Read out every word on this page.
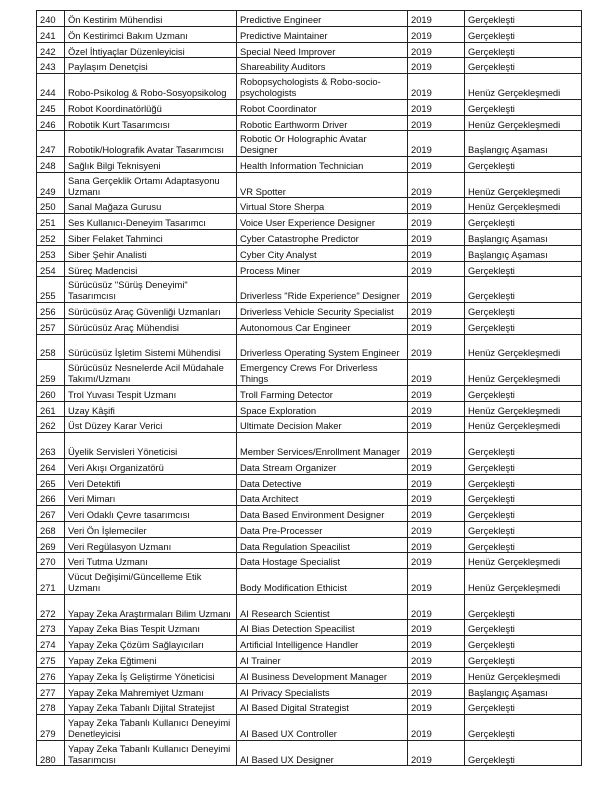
240	Ön Kestirim Mühendisi	Predictive Engineer	2019	Gerçekleşti
241	Ön Kestirimci Bakım Uzmanı	Predictive Maintainer	2019	Gerçekleşti
242	Özel İhtiyaçlar Düzenleyicisi	Special Need Improver	2019	Gerçekleşti
243	Paylaşım Denetçisi	Shareability Auditors	2019	Gerçekleşti
244	Robo-Psikolog & Robo-Sosyopsikolog	Robopsychologists & Robo-socio-psychologists	2019	Henüz Gerçekleşmedi
245	Robot Koordinatörlüğü	Robot Coordinator	2019	Gerçekleşti
246	Robotik Kurt Tasarımcısı	Robotic Earthworm Driver	2019	Henüz Gerçekleşmedi
247	Robotik/Holografik Avatar Tasarımcısı	Robotic Or Holographic Avatar Designer	2019	Başlangıç Aşaması
248	Sağlık Bilgi Teknisyeni	Health Information Technician	2019	Gerçekleşti
249	Sana Gerçeklik Ortamı Adaptasyonu Uzmanı	VR Spotter	2019	Henüz Gerçekleşmedi
250	Sanal Mağaza Gurusu	Virtual Store Sherpa	2019	Henüz Gerçekleşmedi
251	Ses Kullanıcı-Deneyim Tasarımcı	Voice User Experience Designer	2019	Gerçekleşti
252	Siber Felaket Tahminci	Cyber Catastrophe Predictor	2019	Başlangıç Aşaması
253	Siber Şehir Analisti	Cyber City Analyst	2019	Başlangıç Aşaması
254	Süreç Madencisi	Process Miner	2019	Gerçekleşti
255	Sürücüsüz "Sürüş Deneyimi" Tasarımcısı	Driverless "Ride Experience" Designer	2019	Gerçekleşti
256	Sürücüsüz Araç Güvenliği Uzmanları	Driverless Vehicle Security Specialist	2019	Gerçekleşti
257	Sürücüsüz Araç Mühendisi	Autonomous Car Engineer	2019	Gerçekleşti
258	Sürücüsüz İşletim Sistemi Mühendisi	Driverless Operating System Engineer	2019	Henüz Gerçekleşmedi
259	Sürücüsüz Nesnelerde Acil Müdahale Takımı/Uzmanı	Emergency Crews For Driverless Things	2019	Henüz Gerçekleşmedi
260	Trol Yuvası Tespit Uzmanı	Troll Farming Detector	2019	Gerçekleşti
261	Uzay Kâşifi	Space Exploration	2019	Henüz Gerçekleşmedi
262	Üst Düzey Karar Verici	Ultimate Decision Maker	2019	Henüz Gerçekleşmedi
263	Üyelik Servisleri Yöneticisi	Member Services/Enrollment Manager	2019	Gerçekleşti
264	Veri Akışı Organizatörü	Data Stream Organizer	2019	Gerçekleşti
265	Veri Detektifi	Data Detective	2019	Gerçekleşti
266	Veri Mimarı	Data Architect	2019	Gerçekleşti
267	Veri Odaklı Çevre tasarımcısı	Data Based Environment Designer	2019	Gerçekleşti
268	Veri Ön İşlemeciler	Data Pre-Processer	2019	Gerçekleşti
269	Veri Regülasyon Uzmanı	Data Regulation Speacilist	2019	Gerçekleşti
270	Veri Tutma Uzmanı	Data Hostage Specialist	2019	Henüz Gerçekleşmedi
271	Vücut Değişimi/Güncelleme Etik Uzmanı	Body Modification Ethicist	2019	Henüz Gerçekleşmedi
272	Yapay Zeka Araştırmaları Bilim Uzmanı	AI Research Scientist	2019	Gerçekleşti
273	Yapay Zeka Bias Tespit Uzmanı	AI Bias Detection Speacilist	2019	Gerçekleşti
274	Yapay Zeka Çözüm Sağlayıcıları	Artificial Intelligence Handler	2019	Gerçekleşti
275	Yapay Zeka Eğtimeni	AI Trainer	2019	Gerçekleşti
276	Yapay Zeka İş Geliştirme Yöneticisi	AI Business Development Manager	2019	Henüz Gerçekleşmedi
277	Yapay Zeka Mahremiyet Uzmanı	AI Privacy Specialists	2019	Başlangıç Aşaması
278	Yapay Zeka Tabanlı Dijital Stratejist	AI Based Digital Strategist	2019	Gerçekleşti
279	Yapay Zeka Tabanlı Kullanıcı Deneyimi Denetleyicisi	AI Based UX Controller	2019	Gerçekleşti
280	Yapay Zeka Tabanlı Kullanıcı Deneyimi Tasarımcısı	AI Based UX Designer	2019	Gerçekleşti
